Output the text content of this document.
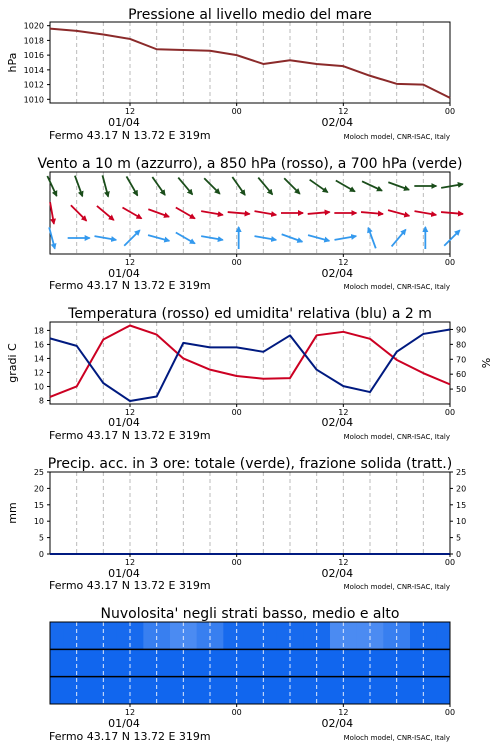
Pressione al livello medio del mare
1010
1012
1014
1016
1018
1020
hPa
12	00	12	00
01/04	02/04
Fermo 43.17 N 13.72 E 319m	Moloch model, CNR-ISAC, Italy
Vento a 10 m (azzurro), a 850 hPa (rosso), a 700 hPa (verde)
12	00	12	00
01/04	02/04
Fermo 43.17 N 13.72 E 319m	Moloch model, CNR-ISAC, Italy
Temperatura (rosso) ed umidita' relativa (blu) a 2 m
8
10
12
14
16
18
50
60
70
80
90
gradi C	%
12	00	12	00
01/04	02/04
Fermo 43.17 N 13.72 E 319m	Moloch model, CNR-ISAC, Italy
Precip. acc. in 3 ore: totale (verde), frazione solida (tratt.)
0
5
10
15
20
25
0
5
10
15
20
25
mm
12	00	12	00
01/04	02/04
Fermo 43.17 N 13.72 E 319m	Moloch model, CNR-ISAC, Italy
Nuvolosita' negli strati basso, medio e alto
12	00	12	00
01/04	02/04
Fermo 43.17 N 13.72 E 319m	Moloch model, CNR-ISAC, Italy
